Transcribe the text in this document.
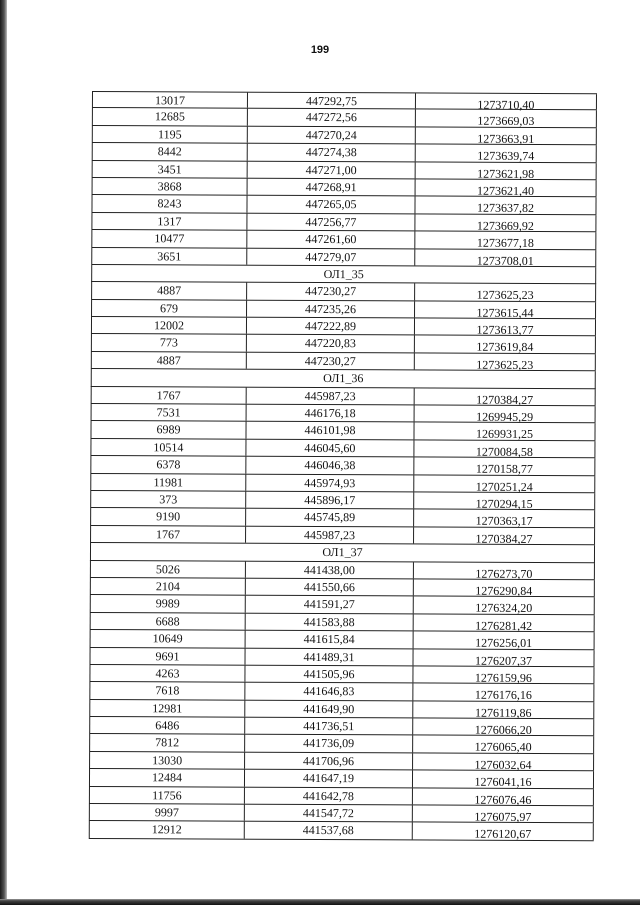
199
13017	447292,75	1273710,40
12685	447272,56	1273669,03
1195	447270,24	1273663,91
8442	447274,38	1273639,74
3451	447271,00	1273621,98
3868	447268,91	1273621,40
8243	447265,05	1273637,82
1317	447256,77	1273669,92
10477	447261,60	1273677,18
3651	447279,07	1273708,01
ОЛ1_35
4887	447230,27	1273625,23
679	447235,26	1273615,44
12002	447222,89	1273613,77
773	447220,83	1273619,84
4887	447230,27	1273625,23
ОЛ1_36
1767	445987,23	1270384,27
7531	446176,18	1269945,29
6989	446101,98	1269931,25
10514	446045,60	1270084,58
6378	446046,38	1270158,77
11981	445974,93	1270251,24
373	445896,17	1270294,15
9190	445745,89	1270363,17
1767	445987,23	1270384,27
ОЛ1_37
5026	441438,00	1276273,70
2104	441550,66	1276290,84
9989	441591,27	1276324,20
6688	441583,88	1276281,42
10649	441615,84	1276256,01
9691	441489,31	1276207,37
4263	441505,96	1276159,96
7618	441646,83	1276176,16
12981	441649,90	1276119,86
6486	441736,51	1276066,20
7812	441736,09	1276065,40
13030	441706,96	1276032,64
12484	441647,19	1276041,16
11756	441642,78	1276076,46
9997	441547,72	1276075,97
12912	441537,68	1276120,67
